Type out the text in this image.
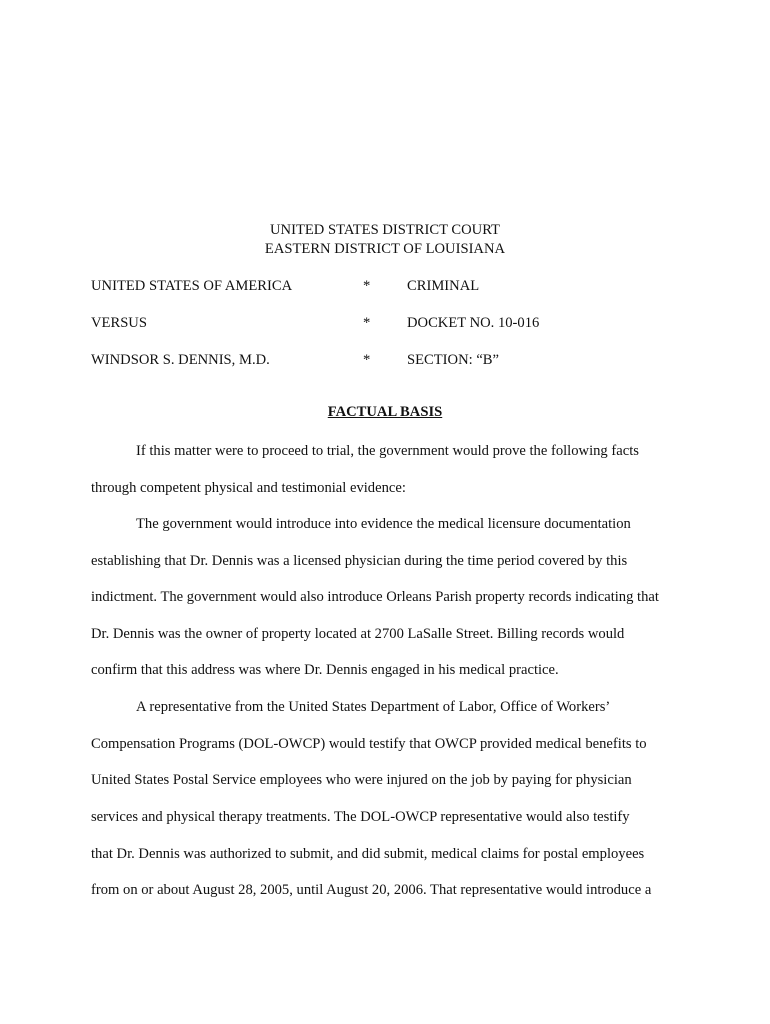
UNITED STATES DISTRICT COURT
EASTERN DISTRICT OF LOUISIANA
UNITED STATES OF AMERICA	*	CRIMINAL
VERSUS	*	DOCKET NO. 10-016
WINDSOR S. DENNIS, M.D.	*	SECTION: “B”
FACTUAL BASIS
If this matter were to proceed to trial, the government would prove the following facts
through competent physical and testimonial evidence:
The government would introduce into evidence the medical licensure documentation
establishing that Dr. Dennis was a licensed physician during the time period covered by this
indictment. The government would also introduce Orleans Parish property records indicating that
Dr. Dennis was the owner of property located at 2700 LaSalle Street. Billing records would
confirm that this address was where Dr. Dennis engaged in his medical practice.
A representative from the United States Department of Labor, Office of Workers’
Compensation Programs (DOL-OWCP) would testify that OWCP provided medical benefits to
United States Postal Service employees who were injured on the job by paying for physician
services and physical therapy treatments. The DOL-OWCP representative would also testify
that Dr. Dennis was authorized to submit, and did submit, medical claims for postal employees
from on or about August 28, 2005, until August 20, 2006. That representative would introduce a
